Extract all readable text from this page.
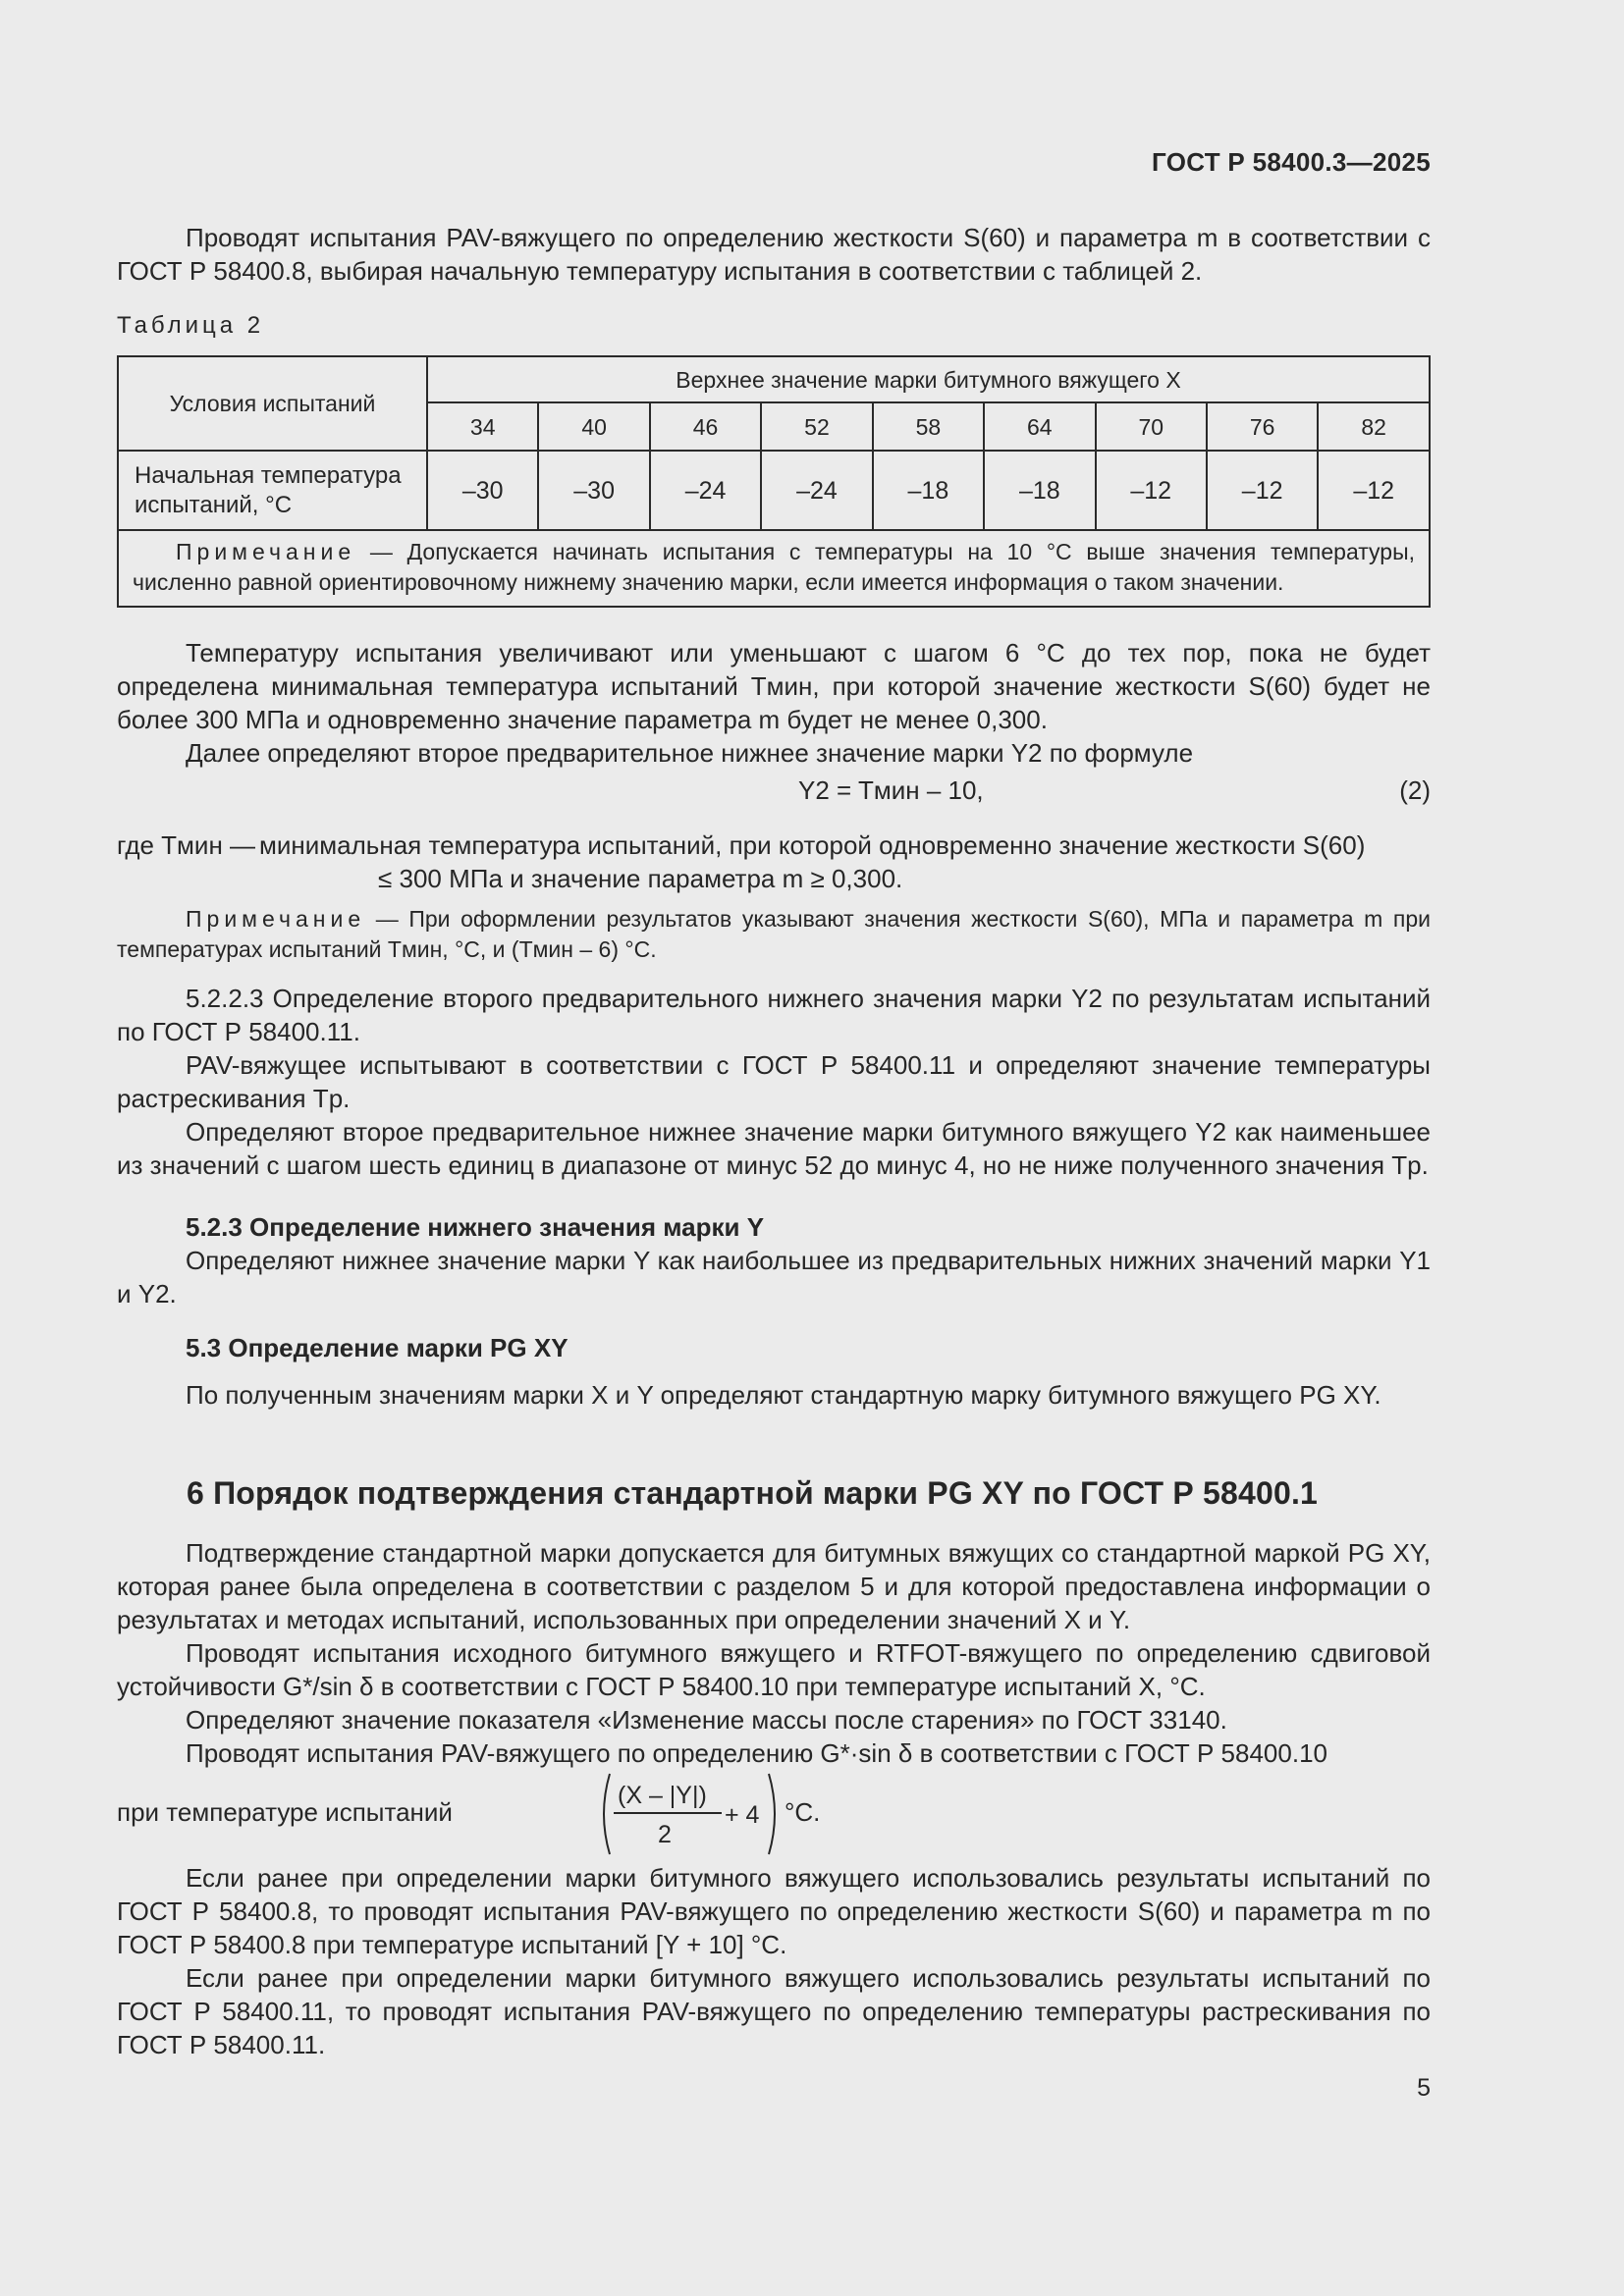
ГОСТ Р 58400.3—2025

Проводят испытания PAV-вяжущего по определению жесткости S(60) и параметра m в соответствии с ГОСТ Р 58400.8, выбирая начальную температуру испытания в соответствии с таблицей 2.

Таблица 2
Условия испытаний	Верхнее значение марки битумного вяжущего X								
	34	40	46	52	58	64	70	76	82
Начальная температура испытаний, °С	–30	–30	–24	–24	–18	–18	–12	–12	–12

Примечание — Допускается начинать испытания с температуры на 10 °С выше значения температуры, численно равной ориентировочному нижнему значению марки, если имеется информация о таком значении.									

Температуру испытания увеличивают или уменьшают с шагом 6 °С до тех пор, пока не будет определена минимальная температура испытаний Tмин, при которой значение жесткости S(60) будет не более 300 МПа и одновременно значение параметра m будет не менее 0,300.

Далее определяют второе предварительное нижнее значение марки Y2 по формуле

Y2 = Tмин – 10,	(2)
где Tмин — минимальная температура испытаний, при которой одновременно значение жесткости S(60)
≤ 300 МПа и значение параметра m ≥ 0,300.

Примечание — При оформлении результатов указывают значения жесткости S(60), МПа и параметра m при температурах испытаний Tмин, °С, и (Tмин – 6) °С.

5.2.2.3 Определение второго предварительного нижнего значения марки Y2 по результатам испытаний по ГОСТ Р 58400.11.

PAV-вяжущее испытывают в соответствии с ГОСТ Р 58400.11 и определяют значение температуры растрескивания Tр.

Определяют второе предварительное нижнее значение марки битумного вяжущего Y2 как наименьшее из значений с шагом шесть единиц в диапазоне от минус 52 до минус 4, но не ниже полученного значения Tр.

5.2.3 Определение нижнего значения марки Y

Определяют нижнее значение марки Y как наибольшее из предварительных нижних значений марки Y1 и Y2.

5.3 Определение марки PG XY

По полученным значениям марки X и Y определяют стандартную марку битумного вяжущего PG XY.

6 Порядок подтверждения стандартной марки PG XY по ГОСТ Р 58400.1

Подтверждение стандартной марки допускается для битумных вяжущих со стандартной маркой PG XY, которая ранее была определена в соответствии с разделом 5 и для которой предоставлена информации о результатах и методах испытаний, использованных при определении значений X и Y.

Проводят испытания исходного битумного вяжущего и RTFOT-вяжущего по определению сдвиговой устойчивости G*/sin δ в соответствии с ГОСТ Р 58400.10 при температуре испытаний X, °С.

Определяют значение показателя «Изменение массы после старения» по ГОСТ 33140.

Проводят испытания PAV-вяжущего по определению G*·sin δ в соответствии с ГОСТ Р 58400.10

при температуре испытаний
(X – |Y|)
2
+ 4 °С.

Если ранее при определении марки битумного вяжущего использовались результаты испытаний по ГОСТ Р 58400.8, то проводят испытания PAV-вяжущего по определению жесткости S(60) и параметра m по ГОСТ Р 58400.8 при температуре испытаний [Y + 10] °С.

Если ранее при определении марки битумного вяжущего использовались результаты испытаний по ГОСТ Р 58400.11, то проводят испытания PAV-вяжущего по определению температуры растрескивания по ГОСТ Р 58400.11.

5
